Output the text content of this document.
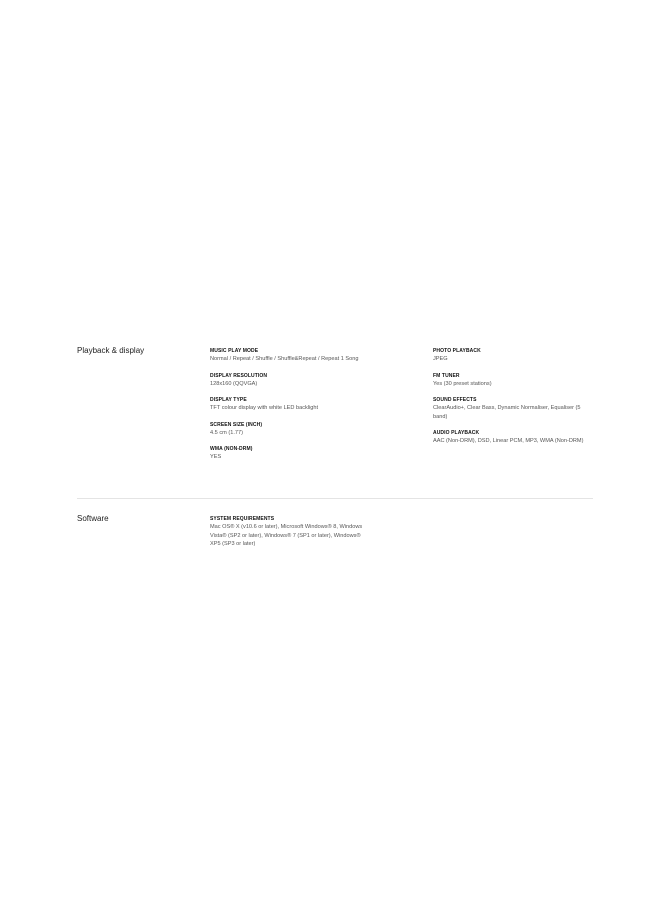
Playback & display	MUSIC PLAY MODE
Normal / Repeat / Shuffle / Shuffle&Repeat / Repeat 1 Song
DISPLAY RESOLUTION
128x160 (QQVGA)
DISPLAY TYPE
TFT colour display with white LED backlight
SCREEN SIZE (INCH)
4.5 cm (1.77)
WMA (NON-DRM)
YES
PHOTO PLAYBACK
JPEG
FM TUNER
Yes (30 preset stations)
SOUND EFFECTS
ClearAudio+, Clear Bass, Dynamic Normaliser, Equaliser (5 band)
AUDIO PLAYBACK
AAC (Non-DRM), DSD, Linear PCM, MP3, WMA (Non-DRM)
Software	SYSTEM REQUIREMENTS
Mac OS® X (v10.6 or later), Microsoft Windows® 8, Windows Vista® (SP2 or later), Windows® 7 (SP1 or later), Windows® XP5 (SP3 or later)
